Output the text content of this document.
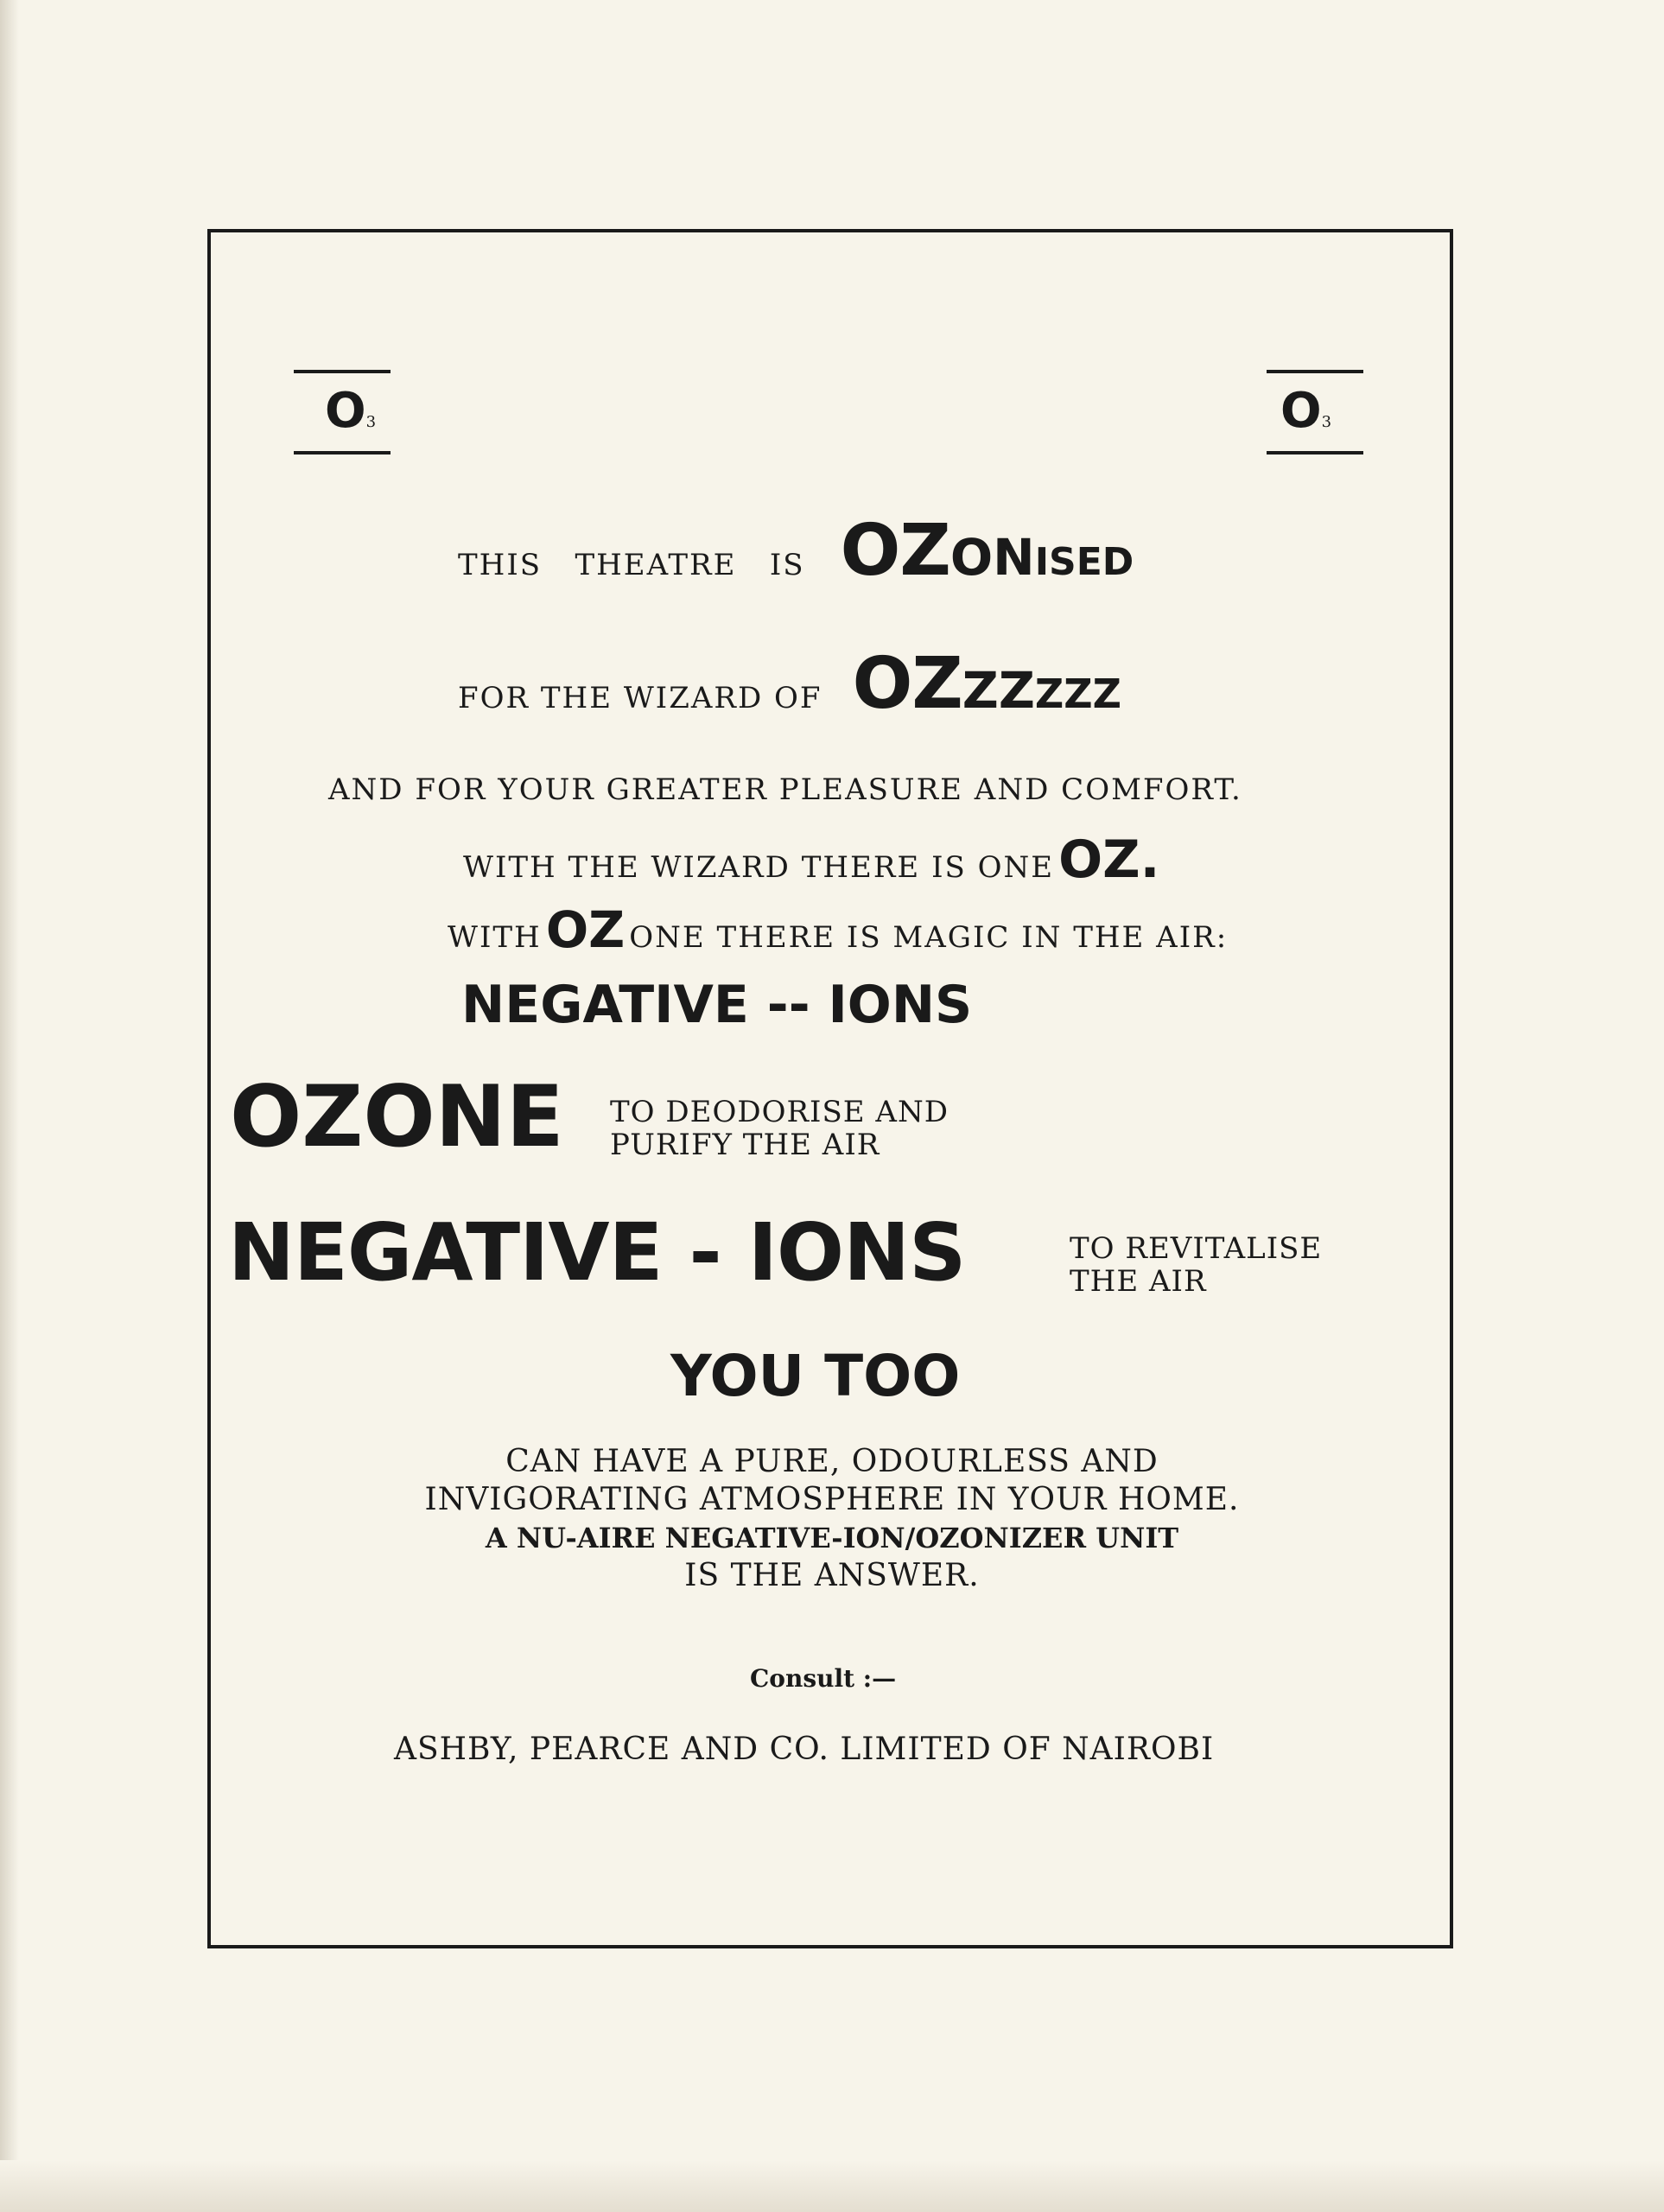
O3	O3
THIS   THEATRE   IS OZONISED
FOR THE WIZARD OF OZZZZZZ
AND FOR YOUR GREATER PLEASURE AND COMFORT.
WITH THE WIZARD THERE IS ONE OZ.
WITH OZ ONE THERE IS MAGIC IN THE AIR:
NEGATIVE -- IONS
OZONE TO DEODORISE AND
PURIFY THE AIR
NEGATIVE - IONS	TO REVITALISE
THE AIR
YOU TOO
CAN HAVE A PURE, ODOURLESS AND
INVIGORATING ATMOSPHERE IN YOUR HOME.
A NU-AIRE NEGATIVE-ION/OZONIZER UNIT
IS THE ANSWER.
Consult :—
ASHBY, PEARCE AND CO. LIMITED OF NAIROBI
